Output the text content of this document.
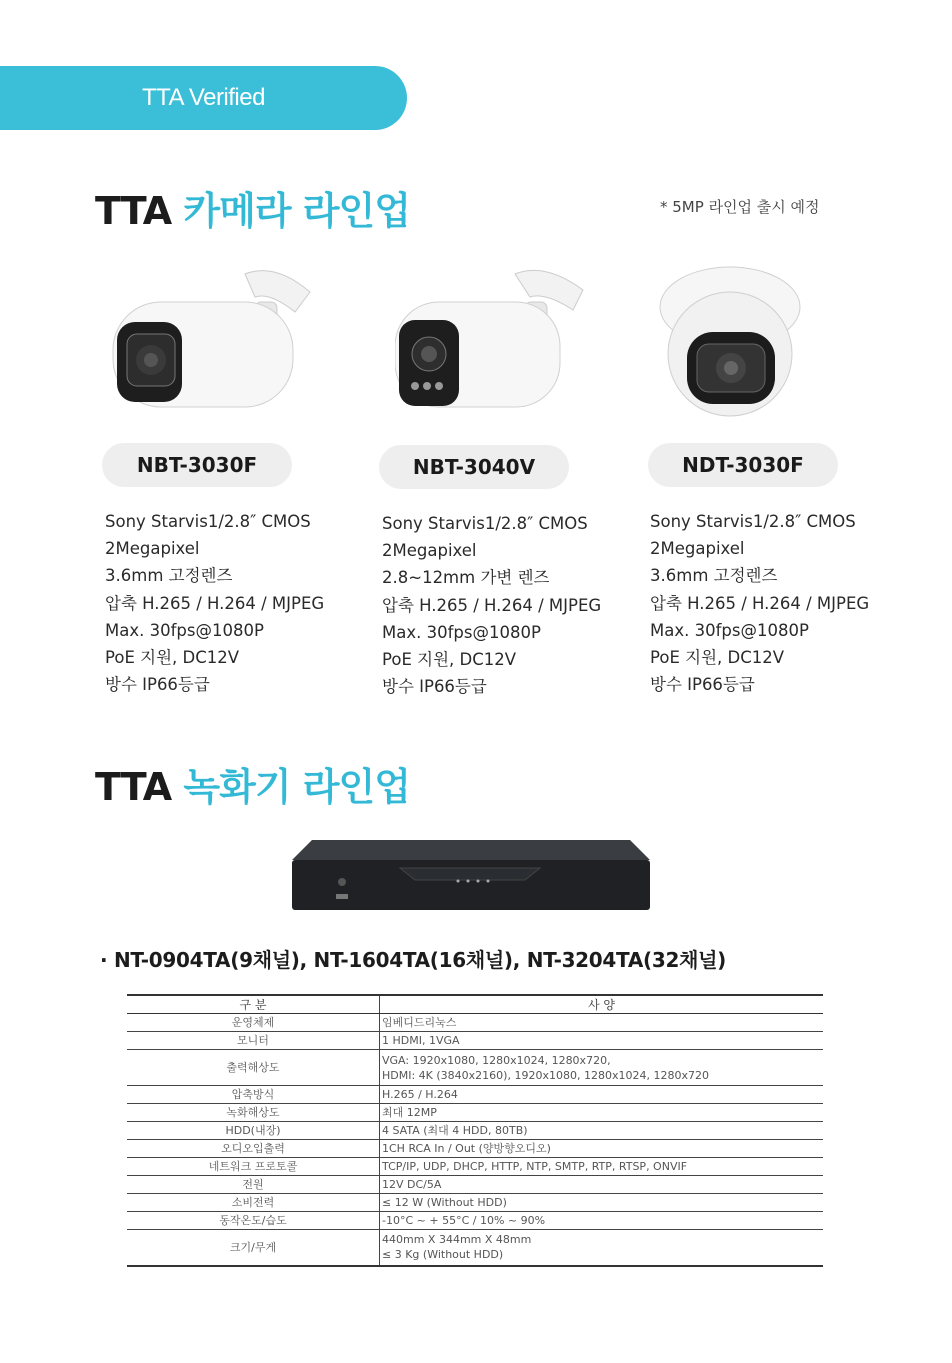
TTA Verified
TTA 카메라 라인업	* 5MP 라인업 출시 예정
NBT-3030F	NBT-3040V	NDT-3030F
Sony Starvis1/2.8″ CMOS
2Megapixel
3.6mm 고정렌즈
압축 H.265 / H.264 / MJPEG
Max. 30fps@1080P
PoE 지원, DC12V
방수 IP66등급
Sony Starvis1/2.8″ CMOS
2Megapixel
2.8~12mm 가변 렌즈
압축 H.265 / H.264 / MJPEG
Max. 30fps@1080P
PoE 지원, DC12V
방수 IP66등급
Sony Starvis1/2.8″ CMOS
2Megapixel
3.6mm 고정렌즈
압축 H.265 / H.264 / MJPEG
Max. 30fps@1080P
PoE 지원, DC12V
방수 IP66등급
TTA 녹화기 라인업
· NT-0904TA(9채널), NT-1604TA(16채널), NT-3204TA(32채널)
구 분	사 양
운영체제	임베디드리눅스

모니터	1 HDMI, 1VGA

출력해상도	VGA: 1920x1080, 1280x1024, 1280x720,
HDMI: 4K (3840x2160), 1920x1080, 1280x1024, 1280x720

압축방식	H.265 / H.264

녹화해상도	최대 12MP

HDD(내장)	4 SATA (최대 4 HDD, 80TB)

오디오입출력	1CH RCA In / Out (양방향오디오)

네트워크 프로토콜	TCP/IP, UDP, DHCP, HTTP, NTP, SMTP, RTP, RTSP, ONVIF

전원	12V DC/5A

소비전력	≤ 12 W (Without HDD)

동작온도/습도	-10°C ~ + 55°C / 10% ~ 90%

크기/무게	440mm X 344mm X 48mm
≤ 3 Kg (Without HDD)
